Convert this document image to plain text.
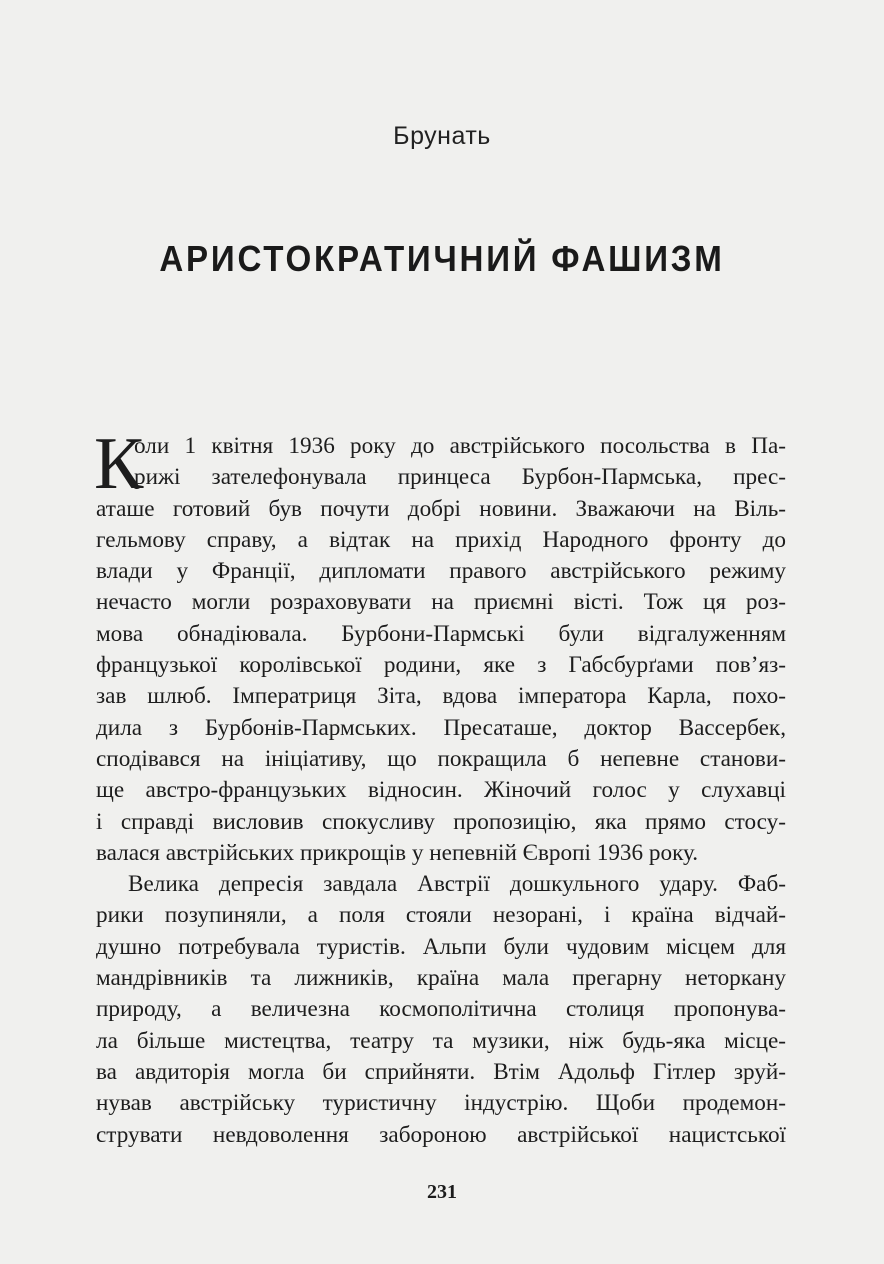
Брунать
АРИСТОКРАТИЧНИЙ ФАШИЗМ
К
оли 1 квітня 1936 року до австрійського посольства в Па-
рижі зателефонувала принцеса Бурбон-Пармська, прес-
аташе готовий був почути добрі новини. Зважаючи на Віль-
гельмову справу, а відтак на прихід Народного фронту до
влади у Франції, дипломати правого австрійського режиму
нечасто могли розраховувати на приємні вісті. Тож ця роз-
мова обнадіювала. Бурбони-Пармські були відгалуженням
французької королівської родини, яке з Габсбурґами пов’яз-
зав шлюб. Імператриця Зіта, вдова імператора Карла, похо-
дила з Бурбонів-Пармських. Пресаташе, доктор Вассербек,
сподівався на ініціативу, що покращила б непевне станови-
ще австро-французьких відносин. Жіночий голос у слухавці
і справді висловив спокусливу пропозицію, яка прямо стосу-
валася австрійських прикрощів у непевній Європі 1936 року.
Велика депресія завдала Австрії дошкульного удару. Фаб-
рики позупиняли, а поля стояли незорані, і країна відчай-
душно потребувала туристів. Альпи були чудовим місцем для
мандрівників та лижників, країна мала прегарну неторкану
природу, а величезна космополітична столиця пропонува-
ла більше мистецтва, театру та музики, ніж будь-яка місце-
ва авдиторія могла би сприйняти. Втім Адольф Гітлер зруй-
нував австрійську туристичну індустрію. Щоби продемон-
струвати невдоволення забороною австрійської нацистської
231
